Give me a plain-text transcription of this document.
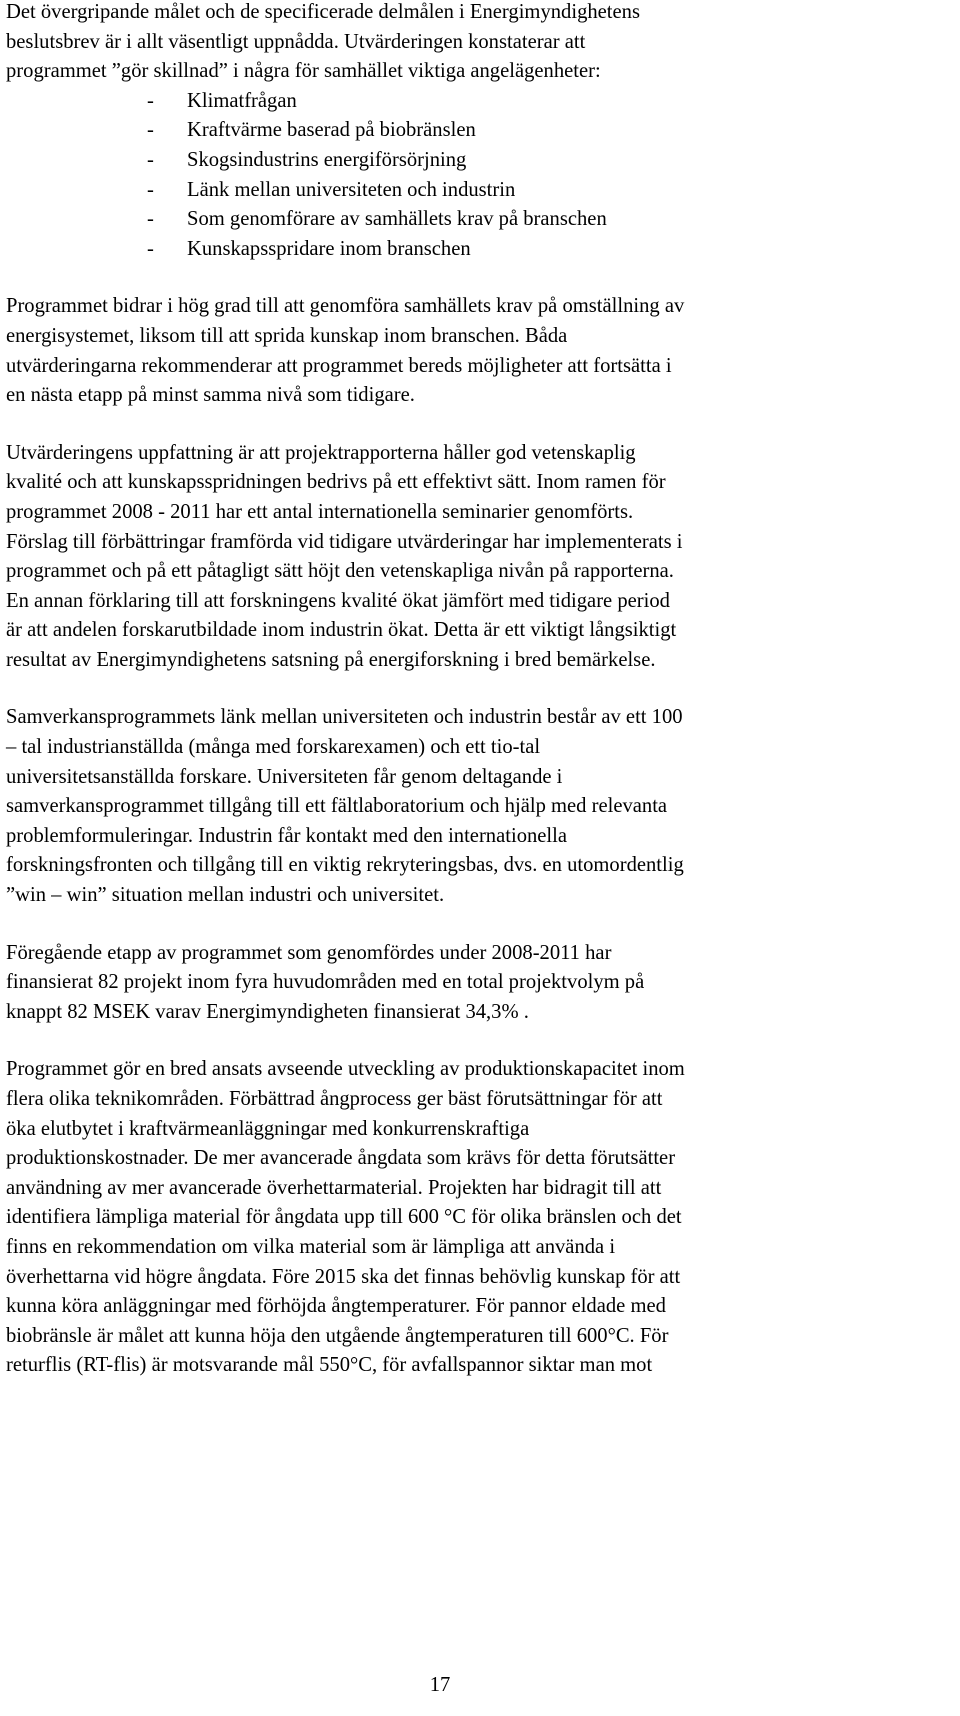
Det övergripande målet och de specificerade delmålen i Energimyndighetens
beslutsbrev är i allt väsentligt uppnådda. Utvärderingen konstaterar att
programmet ”gör skillnad” i några för samhället viktiga angelägenheter:
- Klimatfrågan
- Kraftvärme baserad på biobränslen
- Skogsindustrins energiförsörjning
- Länk mellan universiteten och industrin
- Som genomförare av samhällets krav på branschen
- Kunskapsspridare inom branschen
Programmet bidrar i hög grad till att genomföra samhällets krav på omställning av
energisystemet, liksom till att sprida kunskap inom branschen. Båda
utvärderingarna rekommenderar att programmet bereds möjligheter att fortsätta i
en nästa etapp på minst samma nivå som tidigare.
Utvärderingens uppfattning är att projektrapporterna håller god vetenskaplig
kvalité och att kunskapsspridningen bedrivs på ett effektivt sätt. Inom ramen för
programmet 2008 - 2011 har ett antal internationella seminarier genomförts.
Förslag till förbättringar framförda vid tidigare utvärderingar har implementerats i
programmet och på ett påtagligt sätt höjt den vetenskapliga nivån på rapporterna.
En annan förklaring till att forskningens kvalité ökat jämfört med tidigare period
är att andelen forskarutbildade inom industrin ökat. Detta är ett viktigt långsiktigt
resultat av Energimyndighetens satsning på energiforskning i bred bemärkelse.
Samverkansprogrammets länk mellan universiteten och industrin består av ett 100
– tal industrianställda (många med forskarexamen) och ett tio-tal
universitetsanställda forskare. Universiteten får genom deltagande i
samverkansprogrammet tillgång till ett fältlaboratorium och hjälp med relevanta
problemformuleringar. Industrin får kontakt med den internationella
forskningsfronten och tillgång till en viktig rekryteringsbas, dvs. en utomordentlig
”win – win” situation mellan industri och universitet.
Föregående etapp av programmet som genomfördes under 2008-2011 har
finansierat 82 projekt inom fyra huvudområden med en total projektvolym på
knappt 82 MSEK varav Energimyndigheten finansierat 34,3% .
Programmet gör en bred ansats avseende utveckling av produktionskapacitet inom
flera olika teknikområden. Förbättrad ångprocess ger bäst förutsättningar för att
öka elutbytet i kraftvärmeanläggningar med konkurrenskraftiga
produktionskostnader. De mer avancerade ångdata som krävs för detta förutsätter
användning av mer avancerade överhettarmaterial. Projekten har bidragit till att
identifiera lämpliga material för ångdata upp till 600 °C för olika bränslen och det
finns en rekommendation om vilka material som är lämpliga att använda i
överhettarna vid högre ångdata. Före 2015 ska det finnas behövlig kunskap för att
kunna köra anläggningar med förhöjda ångtemperaturer. För pannor eldade med
biobränsle är målet att kunna höja den utgående ångtemperaturen till 600°C. För
returflis (RT-flis) är motsvarande mål 550°C, för avfallspannor siktar man mot
17
